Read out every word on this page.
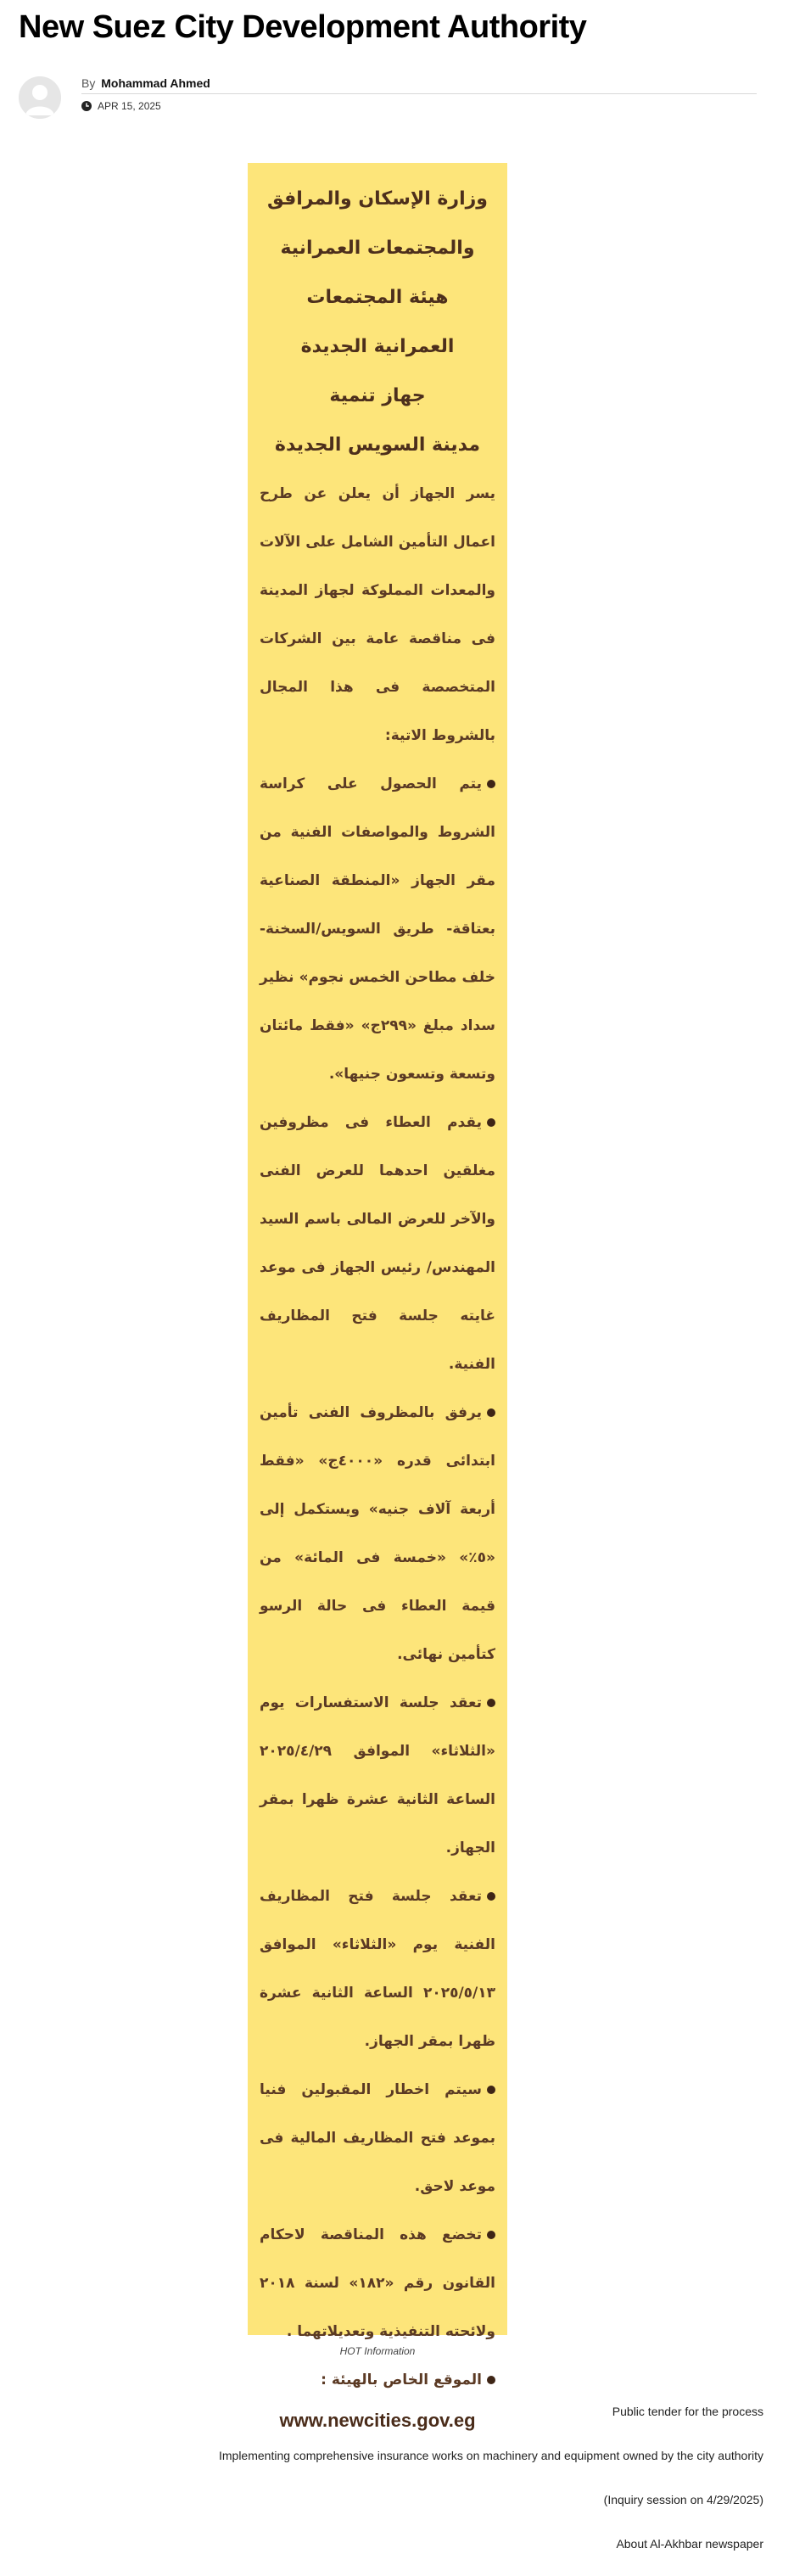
New Suez City Development Authority
By Mohammad Ahmed
APR 15, 2025

وزارة الإسكان والمرافق

والمجتمعات العمرانية

هيئة المجتمعات

العمرانية الجديدة

جهاز تنمية

مدينة السويس الجديدة

يسر الجهاز أن يعلن عن طرح اعمال التأمين الشامل على الآلات والمعدات المملوكة لجهاز المدينة فى مناقصة عامة بين الشركات المتخصصة فى هذا المجال بالشروط الاتية:

يتم الحصول على كراسة الشروط والمواصفات الفنية من مقر الجهاز «المنطقة الصناعية بعتاقة- طريق السويس/السخنة- خلف مطاحن الخمس نجوم» نظير سداد مبلغ «٢٩٩ج» «فقط مائتان وتسعة وتسعون جنيها».

يقدم العطاء فى مظروفين مغلقين احدهما للعرض الفنى والآخر للعرض المالى باسم السيد المهندس/ رئيس الجهاز فى موعد غايته جلسة فتح المظاريف الفنية.

يرفق بالمظروف الفنى تأمين ابتدائى قدره «٤٠٠٠ج» «فقط أربعة آلاف جنيه» ويستكمل إلى «٥٪» «خمسة فى المائة» من قيمة العطاء فى حالة الرسو كتأمين نهائى.

تعقد جلسة الاستفسارات يوم «الثلاثاء» الموافق ٢٠٢٥/٤/٢٩ الساعة الثانية عشرة ظهرا بمقر الجهاز.

تعقد جلسة فتح المظاريف الفنية يوم «الثلاثاء» الموافق ٢٠٢٥/٥/١٣ الساعة الثانية عشرة ظهرا بمقر الجهاز.

سيتم اخطار المقبولين فنيا بموعد فتح المظاريف المالية فى موعد لاحق.

تخضع هذه المناقصة لاحكام القانون رقم «١٨٢» لسنة ٢٠١٨ ولائحته التنفيذية وتعديلاتهما .

الموقع الخاص بالهيئة :

www.newcities.gov.eg
HOT Information
Public tender for the process
Implementing comprehensive insurance works on machinery and equipment owned by the city authority
(Inquiry session on 4/29/2025)
About Al-Akhbar newspaper
